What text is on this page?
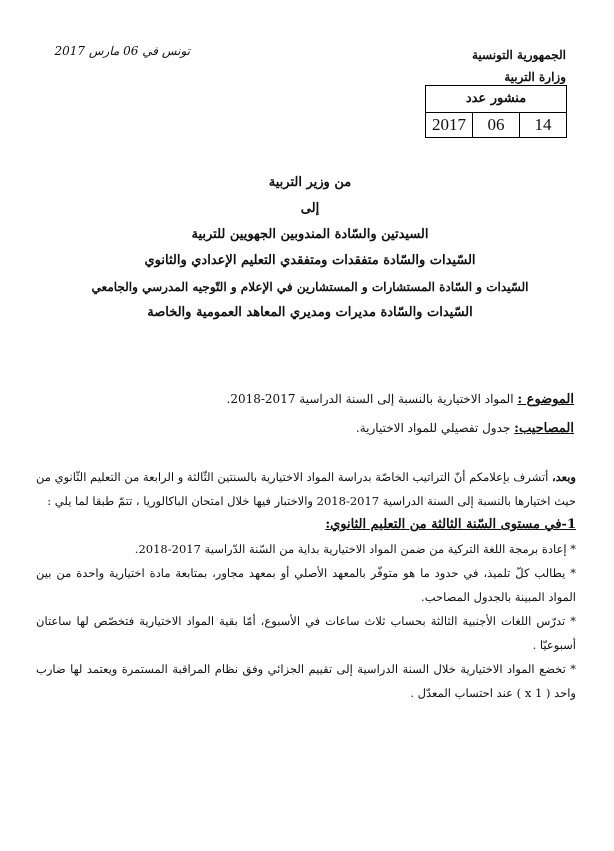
تونس في 06 مارس 2017	الجمهورية التونسية
وزارة التربية
منشور عدد
2017	06	14
من وزير التربية
إلى
السيدتين والسّادة المندوبين الجهويين للتربية
السّيدات والسّادة متفقدات ومتفقدي التعليم الإعدادي والثانوي
السّيدات و السّادة المستشارات و المستشارين في الإعلام و التّوجيه المدرسي والجامعي
السّيدات والسّادة مديرات ومديري المعاهد العمومية والخاصة
الموضوع : المواد الاختيارية بالنسبة إلى السنة الدراسية 2017-2018.
المصاحيب: جدول تفصيلي للمواد الاختيارية.

وبعد، أتشرف بإعلامكم أنّ التراتيب الخاصّة بدراسة المواد الاختيارية بالسنتين الثّالثة و الرابعة من التعليم الثّانوي من حيث اختيارها بالنسبة إلى السنة الدراسية 2017-2018 والاختبار فيها خلال امتحان الباكالوريا ، تتمّ طبقا لما يلي :

1-في مستوى السّنة الثالثة من التعليم الثانوي:

* إعادة برمجة اللغة التركية من ضمن المواد الاختيارية بداية من السّنة الدّراسية 2017-2018.

* يطالب كلّ تلميذ، في حدود ما هو متوفّر بالمعهد الأصلي أو بمعهد مجاور، بمتابعة مادة اختيارية واحدة من بين المواد المبينة بالجدول المصاحب.

* تدرّس اللغات الأجنبية الثالثة بحساب ثلاث ساعات في الأسبوع، أمّا بقية المواد الاختيارية فتخصّص لها ساعتان أسبوعيّا .

* تخضع المواد الاختيارية خلال السنة الدراسية إلى تقييم الجزائي وفق نظام المراقبة المستمرة ويعتمد لها ضارب واحد ( 1 x ) عند احتساب المعدّل .
